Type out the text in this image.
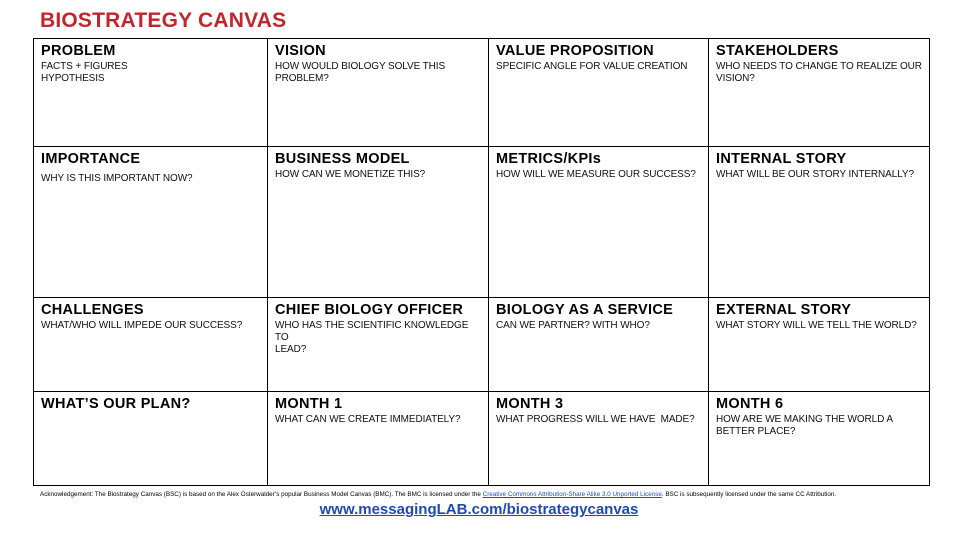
BIOSTRATEGY CANVAS
PROBLEM

FACTS + FIGURES
HYPOTHESIS

VISION

HOW WOULD BIOLOGY SOLVE THIS
PROBLEM?

VALUE PROPOSITION

SPECIFIC ANGLE FOR VALUE CREATION

STAKEHOLDERS

WHO NEEDS TO CHANGE TO REALIZE OUR
VISION?

IMPORTANCE

WHY IS THIS IMPORTANT NOW?

BUSINESS MODEL

HOW CAN WE MONETIZE THIS?

METRICS/KPIs

HOW WILL WE MEASURE OUR SUCCESS?

INTERNAL STORY

WHAT WILL BE OUR STORY INTERNALLY?

CHALLENGES

WHAT/WHO WILL IMPEDE OUR SUCCESS?

CHIEF BIOLOGY OFFICER

WHO HAS THE SCIENTIFIC KNOWLEDGE TO
LEAD?

BIOLOGY AS A SERVICE

CAN WE PARTNER? WITH WHO?

EXTERNAL STORY

WHAT STORY WILL WE TELL THE WORLD?

WHAT’S OUR PLAN?	MONTH 1

WHAT CAN WE CREATE IMMEDIATELY?

MONTH 3

WHAT PROGRESS WILL WE HAVE  MADE?

MONTH 6

HOW ARE WE MAKING THE WORLD A
BETTER PLACE?

Acknowledgement: The Biostrategy Canvas (BSC) is based on the Alex Osterwalder’s popular Business Model Canvas (BMC). The BMC is licensed under the Creative Commons Attribution-Share Alike 3.0 Unported License. BSC is subsequently licensed under the same CC Attribution.
www.messagingLAB.com/biostrategycanvas
